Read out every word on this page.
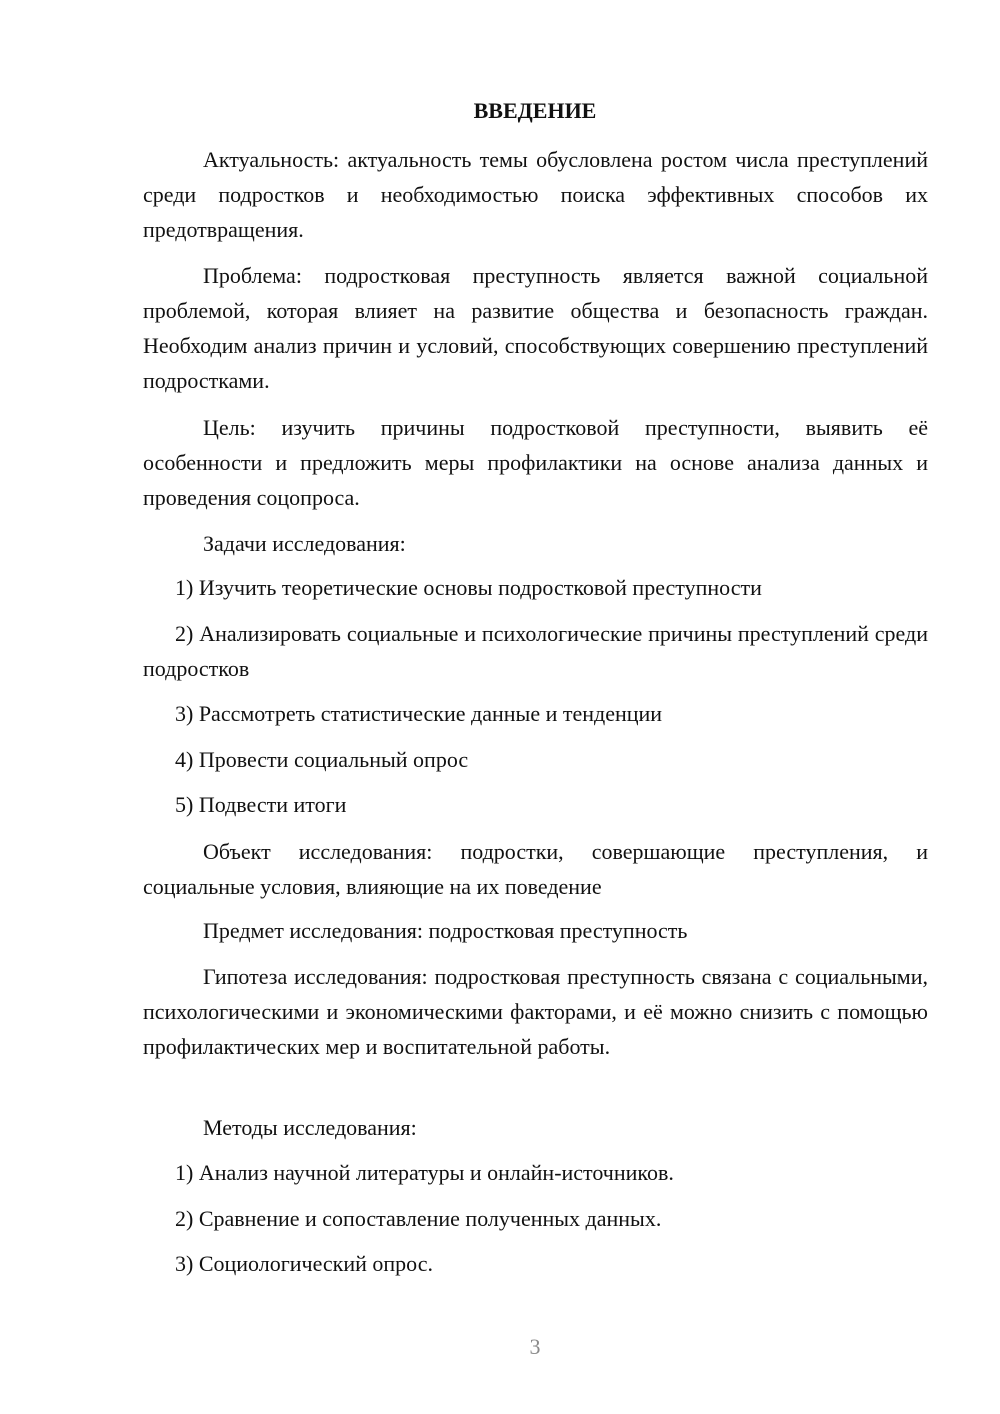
ВВЕДЕНИЕ

Актуальность: актуальность темы обусловлена ростом числа преступлений среди подростков и необходимостью поиска эффективных способов их предотвращения.

Проблема: подростковая преступность является важной социальной проблемой, которая влияет на развитие общества и безопасность граждан. Необходим анализ причин и условий, способствующих совершению преступлений подростками.

Цель: изучить причины подростковой преступности, выявить её особенности и предложить меры профилактики на основе анализа данных и проведения соцопроса.

Задачи исследования:

1) Изучить теоретические основы подростковой преступности

2) Анализировать социальные и психологические причины преступлений среди подростков

3) Рассмотреть статистические данные и тенденции

4) Провести социальный опрос

5) Подвести итоги

Объект исследования: подростки, совершающие преступления, и социальные условия, влияющие на их поведение

Предмет исследования: подростковая преступность

Гипотеза исследования: подростковая преступность связана с социальными, психологическими и экономическими факторами, и её можно снизить с помощью профилактических мер и воспитательной работы.

Методы исследования:

1) Анализ научной литературы и онлайн-источников.

2) Сравнение и сопоставление полученных данных.

3) Социологический опрос.

3
